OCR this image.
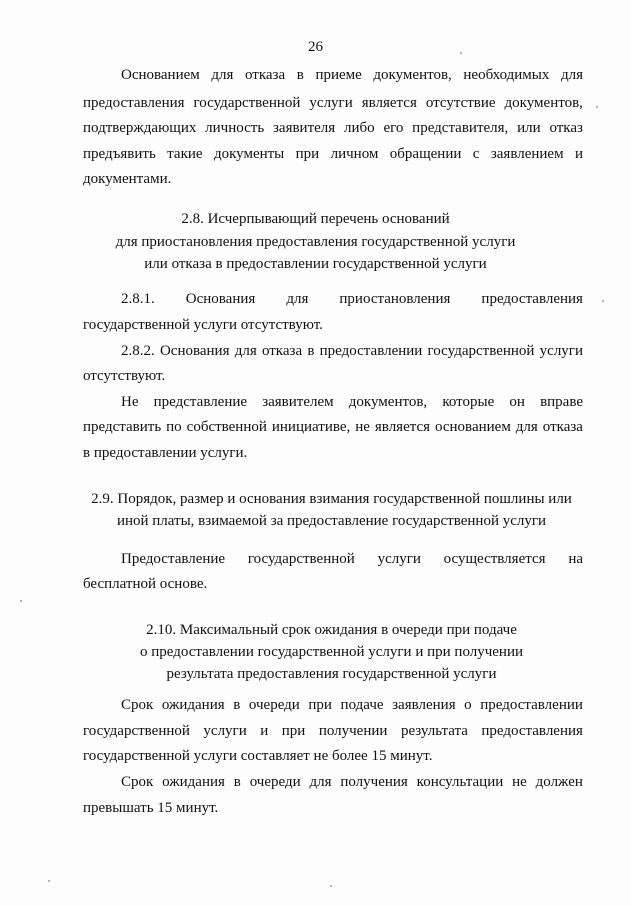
26
Основанием для отказа в приеме документов, необходимых для
предоставления государственной услуги является отсутствие документов,
подтверждающих личность заявителя либо его представителя, или отказ
предъявить такие документы при личном обращении с заявлением и
документами.
2.8. Исчерпывающий перечень оснований
для приостановления предоставления государственной услуги
или отказа в предоставлении государственной услуги
2.8.1. Основания для приостановления предоставления
государственной услуги отсутствуют.
2.8.2. Основания для отказа в предоставлении государственной услуги
отсутствуют.
Не представление заявителем документов, которые он вправе
представить по собственной инициативе, не является основанием для отказа
в предоставлении услуги.
2.9. Порядок, размер и основания взимания государственной пошлины или
иной платы, взимаемой за предоставление государственной услуги
Предоставление государственной услуги осуществляется на
бесплатной основе.
2.10. Максимальный срок ожидания в очереди при подаче
о предоставлении государственной услуги и при получении
результата предоставления государственной услуги
Срок ожидания в очереди при подаче заявления о предоставлении
государственной услуги и при получении результата предоставления
государственной услуги составляет не более 15 минут.
Срок ожидания в очереди для получения консультации не должен
превышать 15 минут.
